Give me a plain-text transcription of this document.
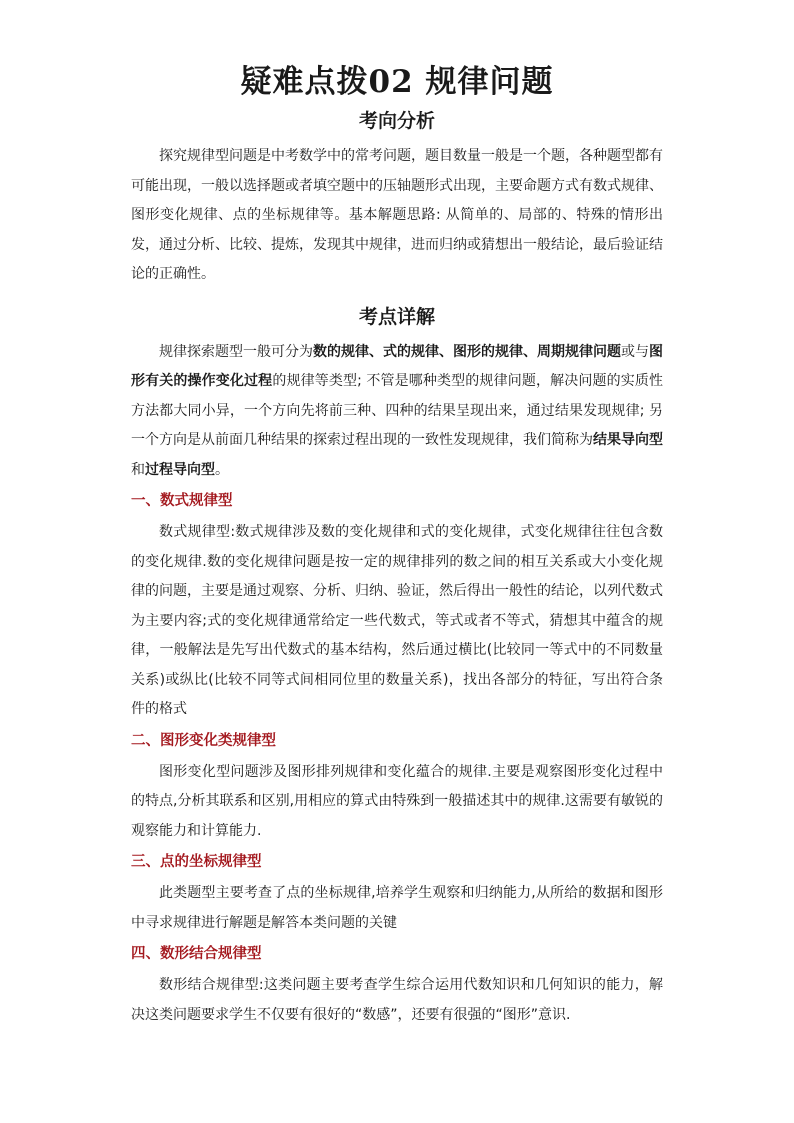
疑难点拨02 规律问题
考向分析

探究规律型问题是中考数学中的常考问题，题目数量一般是一个题，各种题型都有可能出现，一般以选择题或者填空题中的压轴题形式出现，主要命题方式有数式规律、图形变化规律、点的坐标规律等。基本解题思路: 从简单的、局部的、特殊的情形出发，通过分析、比较、提炼，发现其中规律，进而归纳或猜想出一般结论，最后验证结论的正确性。

考点详解

规律探索题型一般可分为数的规律、式的规律、图形的规律、周期规律问题或与图形有关的操作变化过程的规律等类型; 不管是哪种类型的规律问题，解决问题的实质性方法都大同小异，一个方向先将前三种、四种的结果呈现出来，通过结果发现规律; 另一个方向是从前面几种结果的探索过程出现的一致性发现规律，我们简称为结果导向型和过程导向型。

一、数式规律型

数式规律型:数式规律涉及数的变化规律和式的变化规律，式变化规律往往包含数的变化规律.数的变化规律问题是按一定的规律排列的数之间的相互关系或大小变化规律的问题，主要是通过观察、分析、归纳、验证，然后得出一般性的结论，以列代数式为主要内容;式的变化规律通常给定一些代数式，等式或者不等式，猜想其中蕴含的规律，一般解法是先写出代数式的基本结构，然后通过横比(比较同一等式中的不同数量关系)或纵比(比较不同等式间相同位里的数量关系)，找出各部分的特征，写出符合条件的格式

二、图形变化类规律型

图形变化型问题涉及图形排列规律和变化蕴合的规律.主要是观察图形变化过程中的特点,分析其联系和区别,用相应的算式由特殊到一般描述其中的规律.这需要有敏锐的观察能力和计算能力.

三、点的坐标规律型

此类题型主要考查了点的坐标规律,培养学生观察和归纳能力,从所给的数据和图形中寻求规律进行解题是解答本类问题的关键

四、数形结合规律型

数形结合规律型:这类问题主要考查学生综合运用代数知识和几何知识的能力，解决这类问题要求学生不仅要有很好的“数感”，还要有很强的“图形”意识.
